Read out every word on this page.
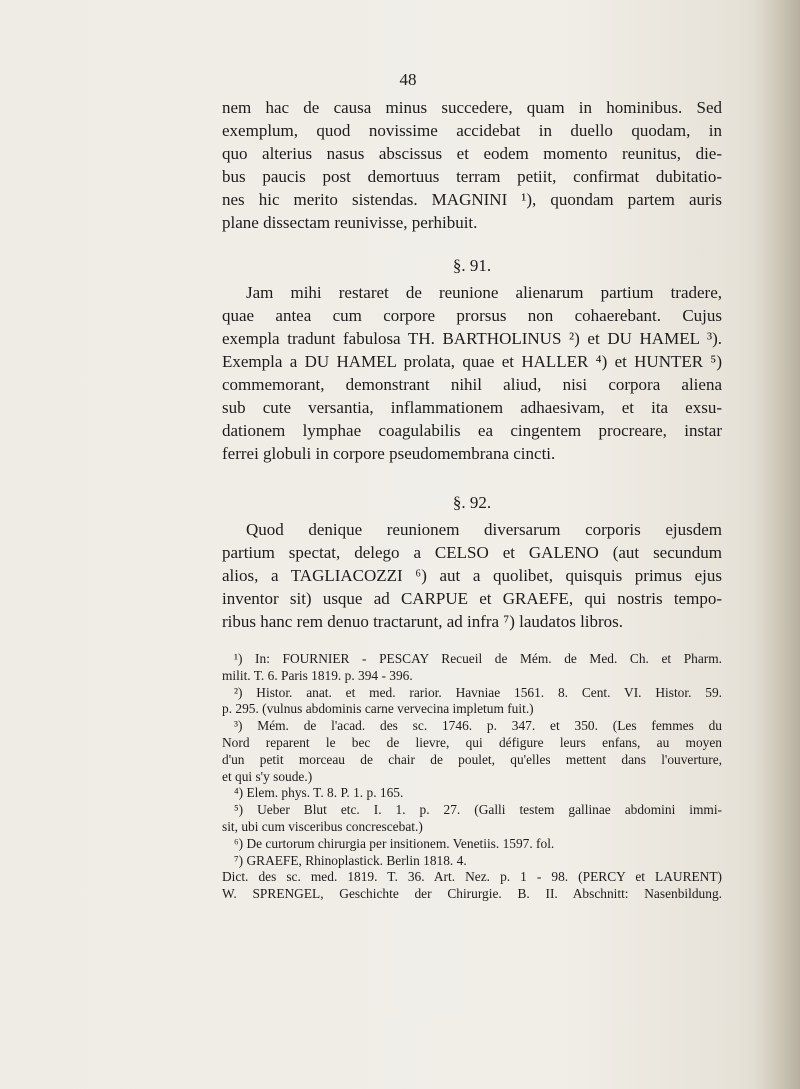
48
nem hac de causa minus succedere, quam in hominibus. Sed
exemplum, quod novissime accidebat in duello quodam, in
quo alterius nasus abscissus et eodem momento reunitus, die-
bus paucis post demortuus terram petiit, confirmat dubitatio-
nes hic merito sistendas. MAGNINI ¹), quondam partem auris
plane dissectam reunivisse, perhibuit.
§. 91.
Jam mihi restaret de reunione alienarum partium tradere,
quae antea cum corpore prorsus non cohaerebant. Cujus
exempla tradunt fabulosa TH. BARTHOLINUS ²) et DU HAMEL ³).
Exempla a DU HAMEL prolata, quae et HALLER ⁴) et HUNTER ⁵)
commemorant, demonstrant nihil aliud, nisi corpora aliena
sub cute versantia, inflammationem adhaesivam, et ita exsu-
dationem lymphae coagulabilis ea cingentem procreare, instar
ferrei globuli in corpore pseudomembrana cincti.
§. 92.
Quod denique reunionem diversarum corporis ejusdem
partium spectat, delego a CELSO et GALENO (aut secundum
alios, a TAGLIACOZZI ⁶) aut a quolibet, quisquis primus ejus
inventor sit) usque ad CARPUE et GRAEFE, qui nostris tempo-
ribus hanc rem denuo tractarunt, ad infra ⁷) laudatos libros.
¹) In: FOURNIER - PESCAY Recueil de Mém. de Med. Ch. et Pharm.
milit. T. 6. Paris 1819. p. 394 - 396.
²) Histor. anat. et med. rarior. Havniae 1561. 8. Cent. VI. Histor. 59.
p. 295. (vulnus abdominis carne vervecina impletum fuit.)
³) Mém. de l'acad. des sc. 1746. p. 347. et 350. (Les femmes du
Nord reparent le bec de lievre, qui défigure leurs enfans, au moyen
d'un petit morceau de chair de poulet, qu'elles mettent dans l'ouverture,
et qui s'y soude.)
⁴) Elem. phys. T. 8. P. 1. p. 165.
⁵) Ueber Blut etc. I. 1. p. 27. (Galli testem gallinae abdomini immi-
sit, ubi cum visceribus concrescebat.)
⁶) De curtorum chirurgia per insitionem. Venetiis. 1597. fol.
⁷) GRAEFE, Rhinoplastick. Berlin 1818. 4.
Dict. des sc. med. 1819. T. 36. Art. Nez. p. 1 - 98. (PERCY et LAURENT)
W. SPRENGEL, Geschichte der Chirurgie. B. II. Abschnitt: Nasenbildung.
